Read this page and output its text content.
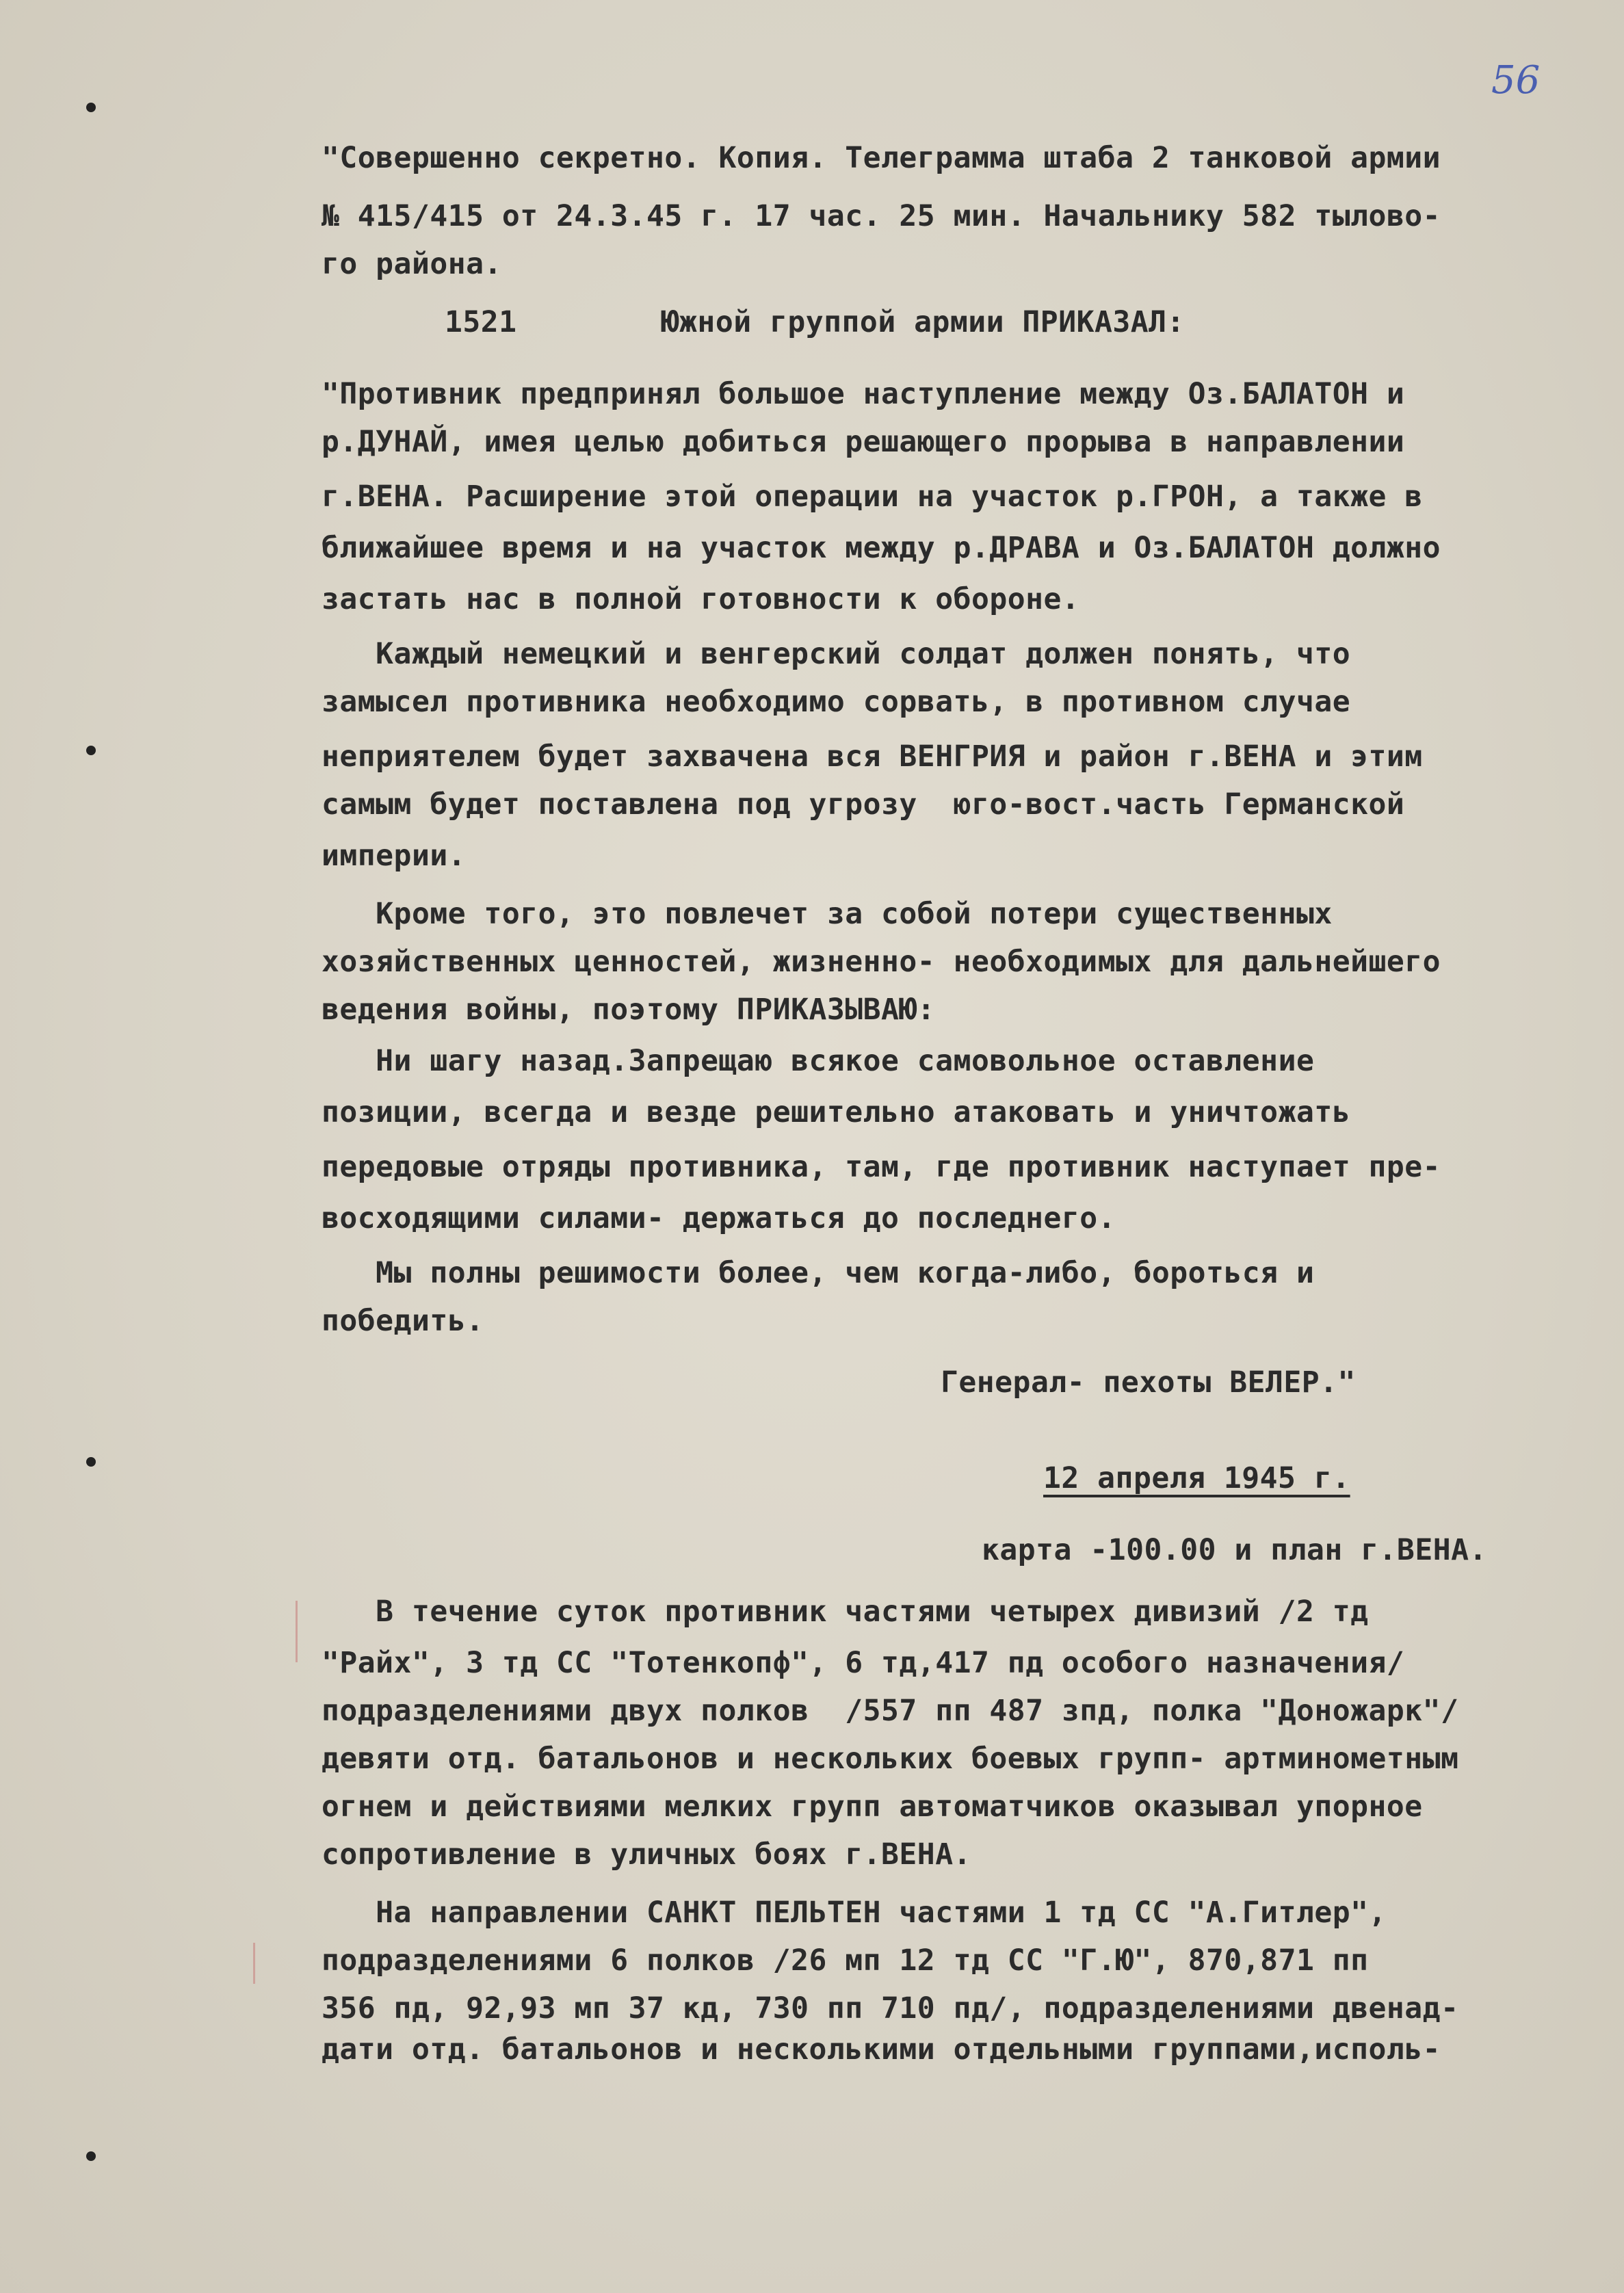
56

"Совершенно секретно. Копия. Телеграмма штаба 2 танковой армии

№ 415/415 от 24.3.45 г. 17 час. 25 мин. Начальнику 582 тылово-

го района.

1521        Южной группой армии ПРИКАЗАЛ:

"Противник предпринял большое наступление между Оз.БАЛАТОН и

р.ДУНАЙ, имея целью добиться решающего прорыва в направлении

г.ВЕНА. Расширение этой операции на участок р.ГРОН, а также в

ближайшее время и на участок между р.ДРАВА и Оз.БАЛАТОН должно

застать нас в полной готовности к обороне.

Каждый немецкий и венгерский солдат должен понять, что

замысел противника необходимо сорвать, в противном случае

неприятелем будет захвачена вся ВЕНГРИЯ и район г.ВЕНА и этим

самым будет поставлена под угрозу  юго-вост.часть Германской

империи.

Кроме того, это повлечет за собой потери существенных

хозяйственных ценностей, жизненно- необходимых для дальнейшего

ведения войны, поэтому ПРИКАЗЫВАЮ:

Ни шагу назад.Запрещаю всякое самовольное оставление

позиции, всегда и везде решительно атаковать и уничтожать

передовые отряды противника, там, где противник наступает пре-

восходящими силами- держаться до последнего.

Мы полны решимости более, чем когда-либо, бороться и

победить.

Генерал- пехоты ВЕЛЕР."

12 апреля 1945 г.

карта -100.00 и план г.ВЕНА.

В течение суток противник частями четырех дивизий /2 тд

"Райх", 3 тд СС "Тотенкопф", 6 тд,417 пд особого назначения/

подразделениями двух полков  /557 пп 487 зпд, полка "Доножарк"/

девяти отд. батальонов и нескольких боевых групп- артминометным

огнем и действиями мелких групп автоматчиков оказывал упорное

сопротивление в уличных боях г.ВЕНА.

На направлении САНКТ ПЕЛЬТЕН частями 1 тд СС "А.Гитлер",

подразделениями 6 полков /26 мп 12 тд СС "Г.Ю", 870,871 пп

356 пд, 92,93 мп 37 кд, 730 пп 710 пд/, подразделениями двенад-

дати отд. батальонов и несколькими отдельными группами,исполь-
